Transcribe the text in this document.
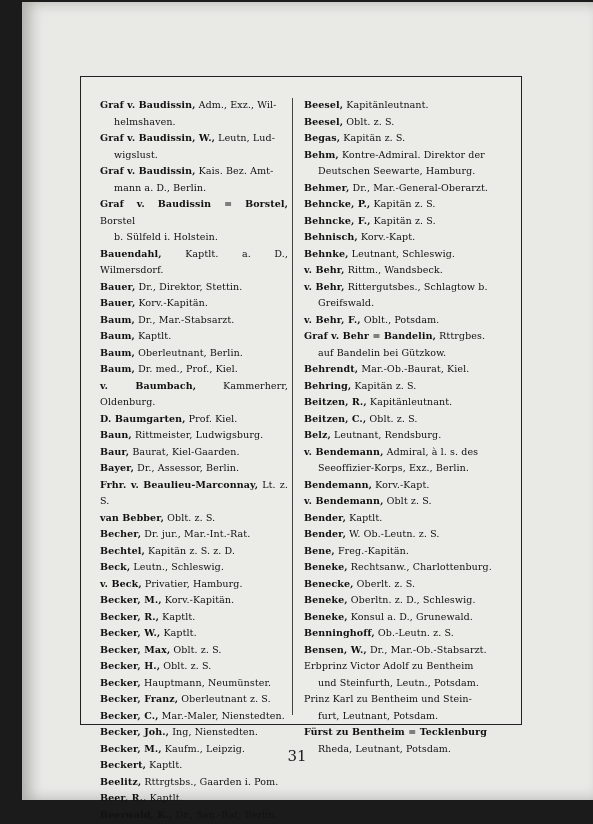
Graf v. Baudissin, Adm., Exz., Wil-
helmshaven.
Graf v. Baudissin, W., Leutn, Lud-
wigslust.
Graf v. Baudissin, Kais. Bez. Amt-
mann a. D., Berlin.
Graf v. Baudissin = Borstel, Borstel
b. Sülfeld i. Holstein.
Bauendahl, Kaptlt. a. D., Wilmersdorf.
Bauer, Dr., Direktor, Stettin.
Bauer, Korv.-Kapitän.
Baum, Dr., Mar.-Stabsarzt.
Baum, Kaptlt.
Baum, Oberleutnant, Berlin.
Baum, Dr. med., Prof., Kiel.
v. Baumbach,	Kammerherr, Oldenburg.
D. Baumgarten, Prof. Kiel.
Baun, Rittmeister, Ludwigsburg.
Baur, Baurat, Kiel-Gaarden.
Bayer, Dr., Assessor, Berlin.
Frhr. v. Beaulieu-Marconnay, Lt. z. S.
van Bebber, Oblt. z. S.
Becher, Dr. jur., Mar.-Int.-Rat.
Bechtel, Kapitän z. S. z. D.
Beck, Leutn., Schleswig.
v. Beck, Privatier, Hamburg.
Becker, M., Korv.-Kapitän.
Becker, R., Kaptlt.
Becker, W., Kaptlt.
Becker, Max, Oblt. z. S.
Becker, H., Oblt. z. S.
Becker, Hauptmann, Neumünster.
Becker, Franz, Oberleutnant z. S.
Becker, C., Mar.-Maler, Nienstedten.
Becker, Joh., Ing, Nienstedten.
Becker, M., Kaufm., Leipzig.
Beckert, Kaptlt.
Beelitz, Rttrgtsbs., Gaarden i. Pom.
Beer, R., Kaptlt.
Beerwald, K., Dr., San.-Rat, Berlin.
Beesel, Kapitänleutnant.
Beesel, Oblt. z. S.
Begas, Kapitän z. S.
Behm, Kontre-Admiral. Direktor der
Deutschen Seewarte, Hamburg.
Behmer, Dr., Mar.-General-Oberarzt.
Behncke, P., Kapitän z. S.
Behncke, F., Kapitän z. S.
Behnisch, Korv.-Kapt.
Behnke, Leutnant, Schleswig.
v. Behr, Rittm., Wandsbeck.
v. Behr, Rittergutsbes., Schlagtow b.
Greifswald.
v. Behr, F., Oblt., Potsdam.
Graf v. Behr = Bandelin, Rttrgbes.
auf Bandelin bei Gützkow.
Behrendt, Mar.-Ob.-Baurat, Kiel.
Behring, Kapitän z. S.
Beitzen, R., Kapitänleutnant.
Beitzen, C., Oblt. z. S.
Belz, Leutnant, Rendsburg.
v. Bendemann, Admiral, à l. s. des
Seeoffizier-Korps, Exz., Berlin.
Bendemann, Korv.-Kapt.
v. Bendemann, Oblt z. S.
Bender, Kaptlt.
Bender, W. Ob.-Leutn. z. S.
Bene, Freg.-Kapitän.
Beneke, Rechtsanw., Charlottenburg.
Benecke, Oberlt. z. S.
Beneke, Oberltn. z. D., Schleswig.
Beneke, Konsul a. D., Grunewald.
Benninghoff, Ob.-Leutn. z. S.
Bensen, W., Dr., Mar.-Ob.-Stabsarzt.
Erbprinz Victor Adolf zu Bentheim
und Steinfurth, Leutn., Potsdam.
Prinz Karl zu Bentheim und Stein-
furt, Leutnant, Potsdam.
Fürst zu Bentheim = Tecklenburg
Rheda, Leutnant, Potsdam.
31
